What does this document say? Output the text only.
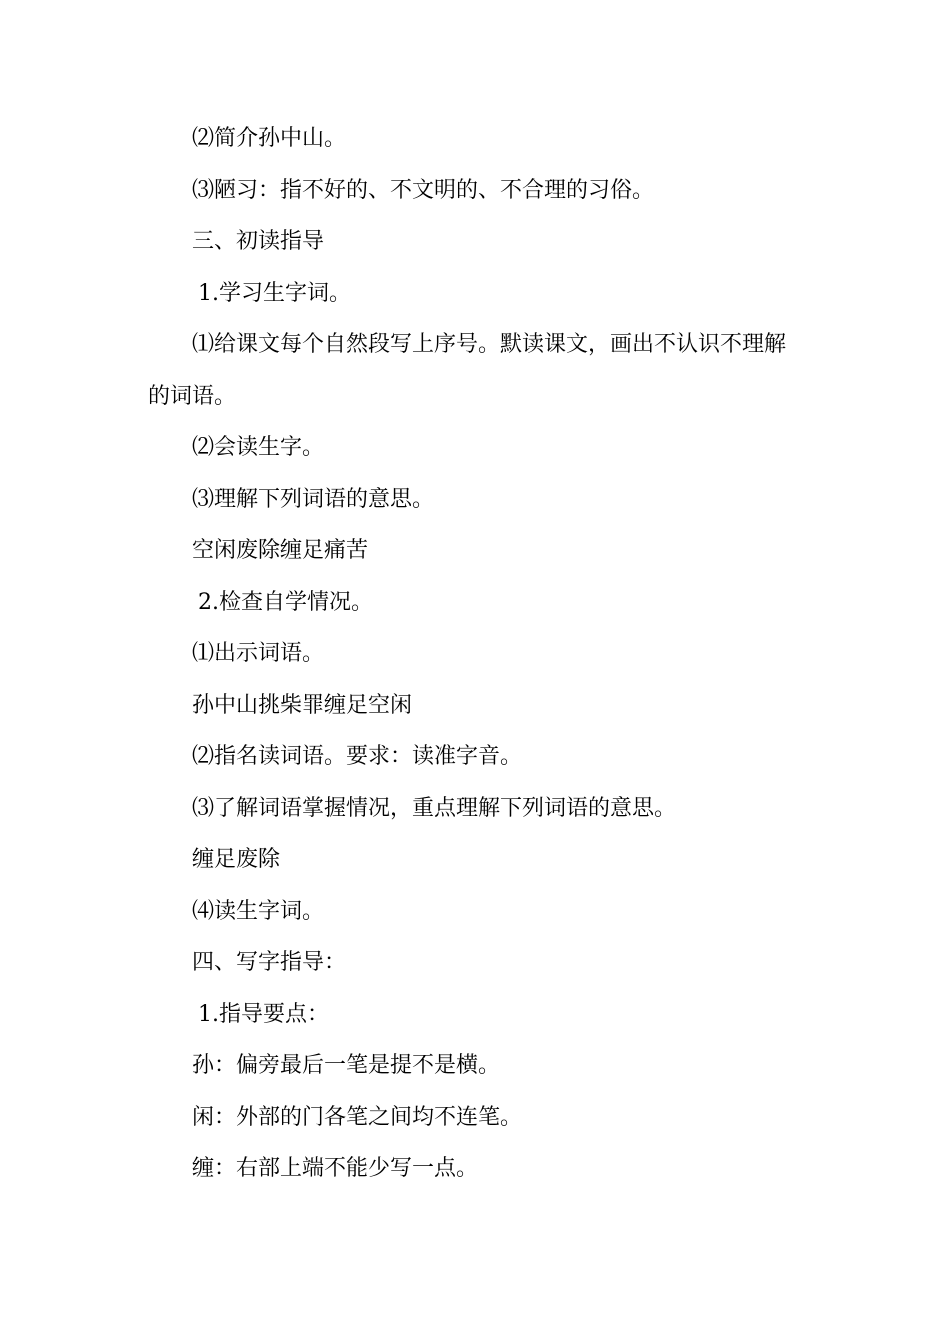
⑵简介孙中山。

⑶陋习：指不好的、不文明的、不合理的习俗。

三、初读指导

1.学习生字词。

⑴给课文每个自然段写上序号。默读课文，画出不认识不理解的词语。

⑵会读生字。

⑶理解下列词语的意思。

空闲废除缠足痛苦

2.检查自学情况。

⑴出示词语。

孙中山挑柴罪缠足空闲

⑵指名读词语。要求：读准字音。

⑶了解词语掌握情况，重点理解下列词语的意思。

缠足废除

⑷读生字词。

四、写字指导：

1.指导要点：

孙：偏旁最后一笔是提不是横。

闲：外部的门各笔之间均不连笔。

缠：右部上端不能少写一点。
